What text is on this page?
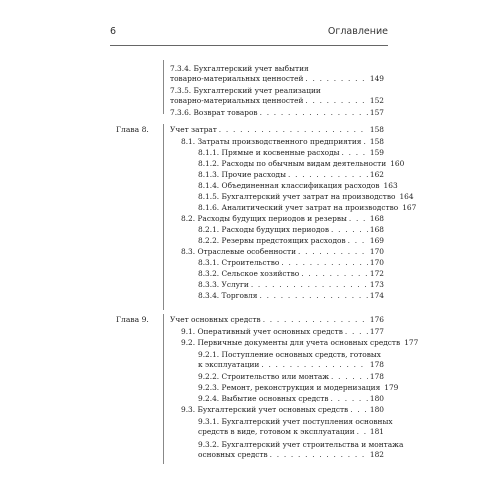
6	Оглавление
7.3.4. Бухгалтерский учет выбытия
товарно-материальных ценностей . . .	149
7.3.5. Бухгалтерский учет реализации
товарно-материальных ценностей . . .	152
7.3.6. Возврат товаров . . .	157
Глава 8.	Учет затрат . . .	158
8.1. Затраты производственного предприятия . . . 158
8.1.1. Прямые и косвенные расходы . . .	159
8.1.2. Расходы по обычным видам деятельности 160
8.1.3. Прочие расходы . . .	162
8.1.4. Объединенная классификация расходов 163
8.1.5. Бухгалтерский учет затрат на производство 164
8.1.6. Аналитический учет затрат на производство 167
8.2. Расходы будущих периодов и резервы . . .	168
8.2.1. Расходы будущих периодов . . .	168
8.2.2. Резервы предстоящих расходов . . .	169
8.3. Отраслевые особенности . . .	170
8.3.1. Строительство . . .	170
8.3.2. Сельское хозяйство . . .	172
8.3.3. Услуги . . .	173
8.3.4. Торговля . . .	174
Глава 9.	Учет основных средств . . .	176
9.1. Оперативный учет основных средств . . .	177
9.2. Первичные документы для учета основных средств 177
9.2.1. Поступление основных средств, готовых
к эксплуатации . . .	178
9.2.2. Строительство или монтаж . . .	178
9.2.3. Ремонт, реконструкция и модернизация 179
9.2.4. Выбытие основных средств . . .	180
9.3. Бухгалтерский учет основных средств . . .	180
9.3.1. Бухгалтерский учет поступления основных
средств в виде, готовом к эксплуатации . . . 181
9.3.2. Бухгалтерский учет строительства и монтажа
основных средств . . .	182
